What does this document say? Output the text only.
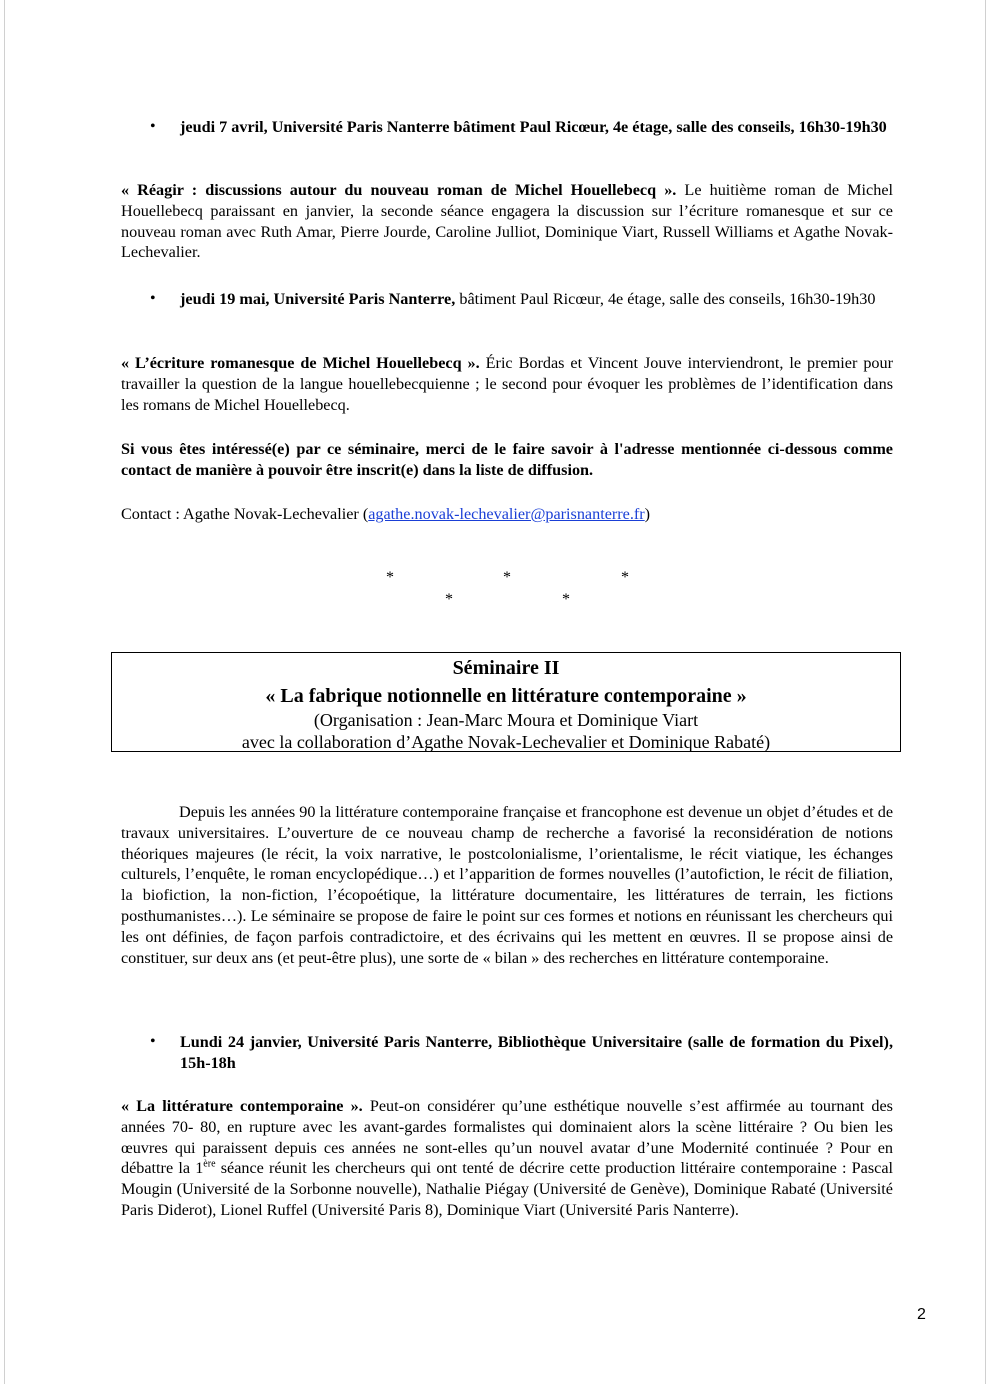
• jeudi 7 avril, Université Paris Nanterre bâtiment Paul Ricœur, 4e étage, salle des conseils, 16h30-19h30

« Réagir : discussions autour du nouveau roman de Michel Houellebecq ». Le huitième roman de Michel Houellebecq paraissant en janvier, la seconde séance engagera la discussion sur l’écriture romanesque et sur ce nouveau roman avec Ruth Amar, Pierre Jourde, Caroline Julliot, Dominique Viart, Russell Williams et Agathe Novak-Lechevalier.

• jeudi 19 mai, Université Paris Nanterre, bâtiment Paul Ricœur, 4e étage, salle des conseils, 16h30-19h30

« L’écriture romanesque de Michel Houellebecq ». Éric Bordas et Vincent Jouve interviendront, le premier pour travailler la question de la langue houellebecquienne ; le second pour évoquer les problèmes de l’identification dans les romans de Michel Houellebecq.

Si vous êtes intéressé(e) par ce séminaire, merci de le faire savoir à l'adresse mentionnée ci-dessous comme contact de manière à pouvoir être inscrit(e) dans la liste de diffusion.

Contact : Agathe Novak-Lechevalier (agathe.novak-lechevalier@parisnanterre.fr)
*	*	*
*	*
Séminaire II
« La fabrique notionnelle en littérature contemporaine »
(Organisation : Jean-Marc Moura et Dominique Viart
avec la collaboration d’Agathe Novak-Lechevalier et Dominique Rabaté)

Depuis les années 90 la littérature contemporaine française et francophone est devenue un objet d’études et de travaux universitaires. L’ouverture de ce nouveau champ de recherche a favorisé la reconsidération de notions théoriques majeures (le récit, la voix narrative, le postcolonialisme, l’orientalisme, le récit viatique, les échanges culturels, l’enquête, le roman encyclopédique…) et l’apparition de formes nouvelles (l’autofiction, le récit de filiation, la biofiction, la non-fiction, l’écopoétique, la littérature documentaire, les littératures de terrain, les fictions posthumanistes…). Le séminaire se propose de faire le point sur ces formes et notions en réunissant les chercheurs qui les ont définies, de façon parfois contradictoire, et des écrivains qui les mettent en œuvres. Il se propose ainsi de constituer, sur deux ans (et peut-être plus), une sorte de « bilan » des recherches en littérature contemporaine.

• Lundi 24 janvier, Université Paris Nanterre, Bibliothèque Universitaire (salle de formation du Pixel), 15h-18h

« La littérature contemporaine ». Peut-on considérer qu’une esthétique nouvelle s’est affirmée au tournant des années 70- 80, en rupture avec les avant-gardes formalistes qui dominaient alors la scène littéraire ? Ou bien les œuvres qui paraissent depuis ces années ne sont-elles qu’un nouvel avatar d’une Modernité continuée ? Pour en débattre la 1ère séance réunit les chercheurs qui ont tenté de décrire cette production littéraire contemporaine : Pascal Mougin (Université de la Sorbonne nouvelle), Nathalie Piégay (Université de Genève), Dominique Rabaté (Université Paris Diderot), Lionel Ruffel (Université Paris 8), Dominique Viart (Université Paris Nanterre).

2
